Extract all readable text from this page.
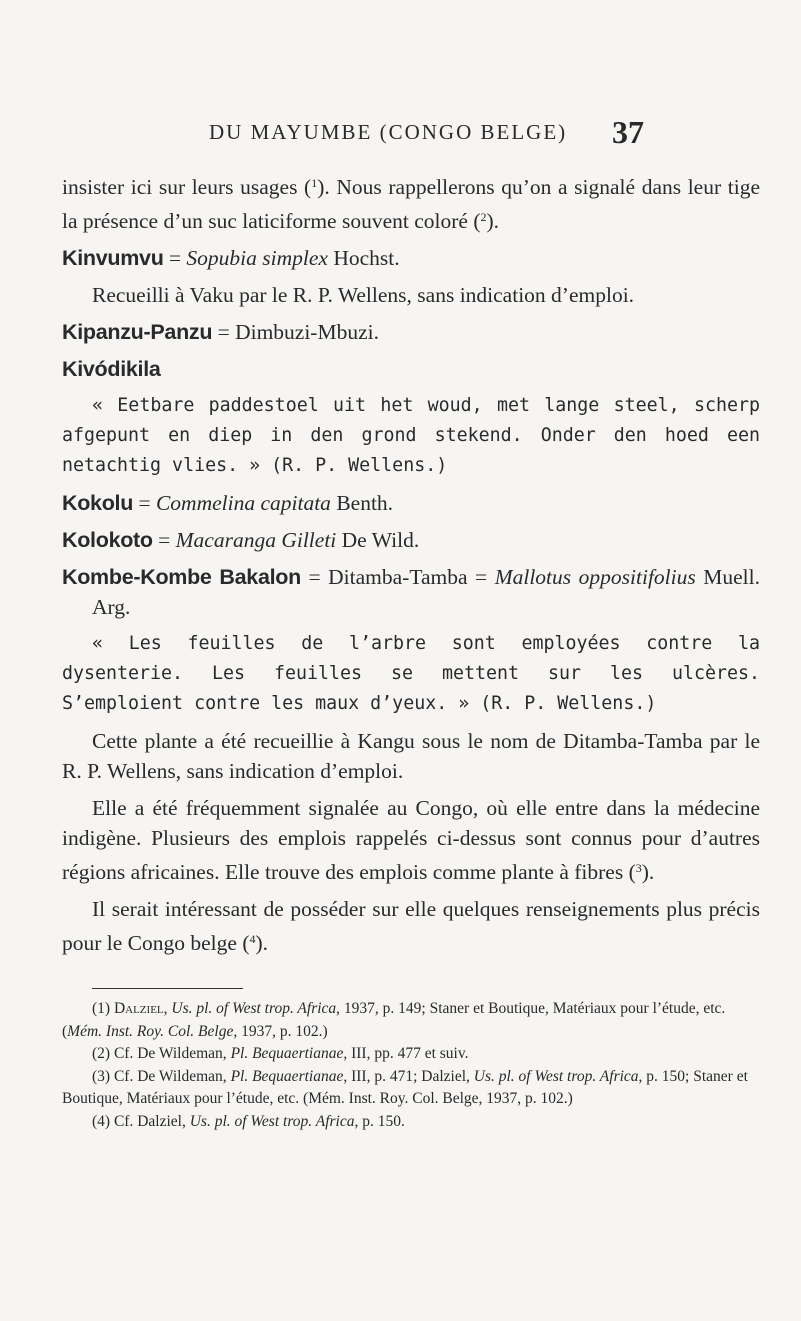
DU MAYUMBE (CONGO BELGE) 37

insister ici sur leurs usages ($^1$). Nous rappellerons qu’on a signalé dans leur tige la présence d’un suc laticiforme souvent coloré ($^2$).

Kinvumvu = Sopubia simplex Hochst.

Recueilli à Vaku par le R. P. Wellens, sans indication d’emploi.

Kipanzu-Panzu = Dimbuzi-Mbuzi.

Kivódikila

« Eetbare paddestoel uit het woud, met lange steel, scherp afgepunt en diep in den grond stekend. Onder den hoed een netachtig vlies. » (R. P. Wellens.)

Kokolu = Commelina capitata Benth.

Kolokoto = Macaranga Gilleti De Wild.

Kombe-Kombe Bakalon = Ditamba-Tamba = Mallotus oppositifolius Muell. Arg.

« Les feuilles de l’arbre sont employées contre la dysenterie. Les feuilles se mettent sur les ulcères. S’emploient contre les maux d’yeux. » (R. P. Wellens.)

Cette plante a été recueillie à Kangu sous le nom de Ditamba-Tamba par le R. P. Wellens, sans indication d’emploi.

Elle a été fréquemment signalée au Congo, où elle entre dans la médecine indigène. Plusieurs des emplois rappelés ci-dessus sont connus pour d’autres régions africaines. Elle trouve des emplois comme plante à fibres ($^3$).

Il serait intéressant de posséder sur elle quelques renseignements plus précis pour le Congo belge ($^4$).

(1) Dalziel, Us. pl. of West trop. Africa, 1937, p. 149; Staner et Boutique, Matériaux pour l’étude, etc. (Mém. Inst. Roy. Col. Belge, 1937, p. 102.)

(2) Cf. De Wildeman, Pl. Bequaertianae, III, pp. 477 et suiv.

(3) Cf. De Wildeman, Pl. Bequaertianae, III, p. 471; Dalziel, Us. pl. of West trop. Africa, p. 150; Staner et Boutique, Matériaux pour l’étude, etc. (Mém. Inst. Roy. Col. Belge, 1937, p. 102.)

(4) Cf. Dalziel, Us. pl. of West trop. Africa, p. 150.
